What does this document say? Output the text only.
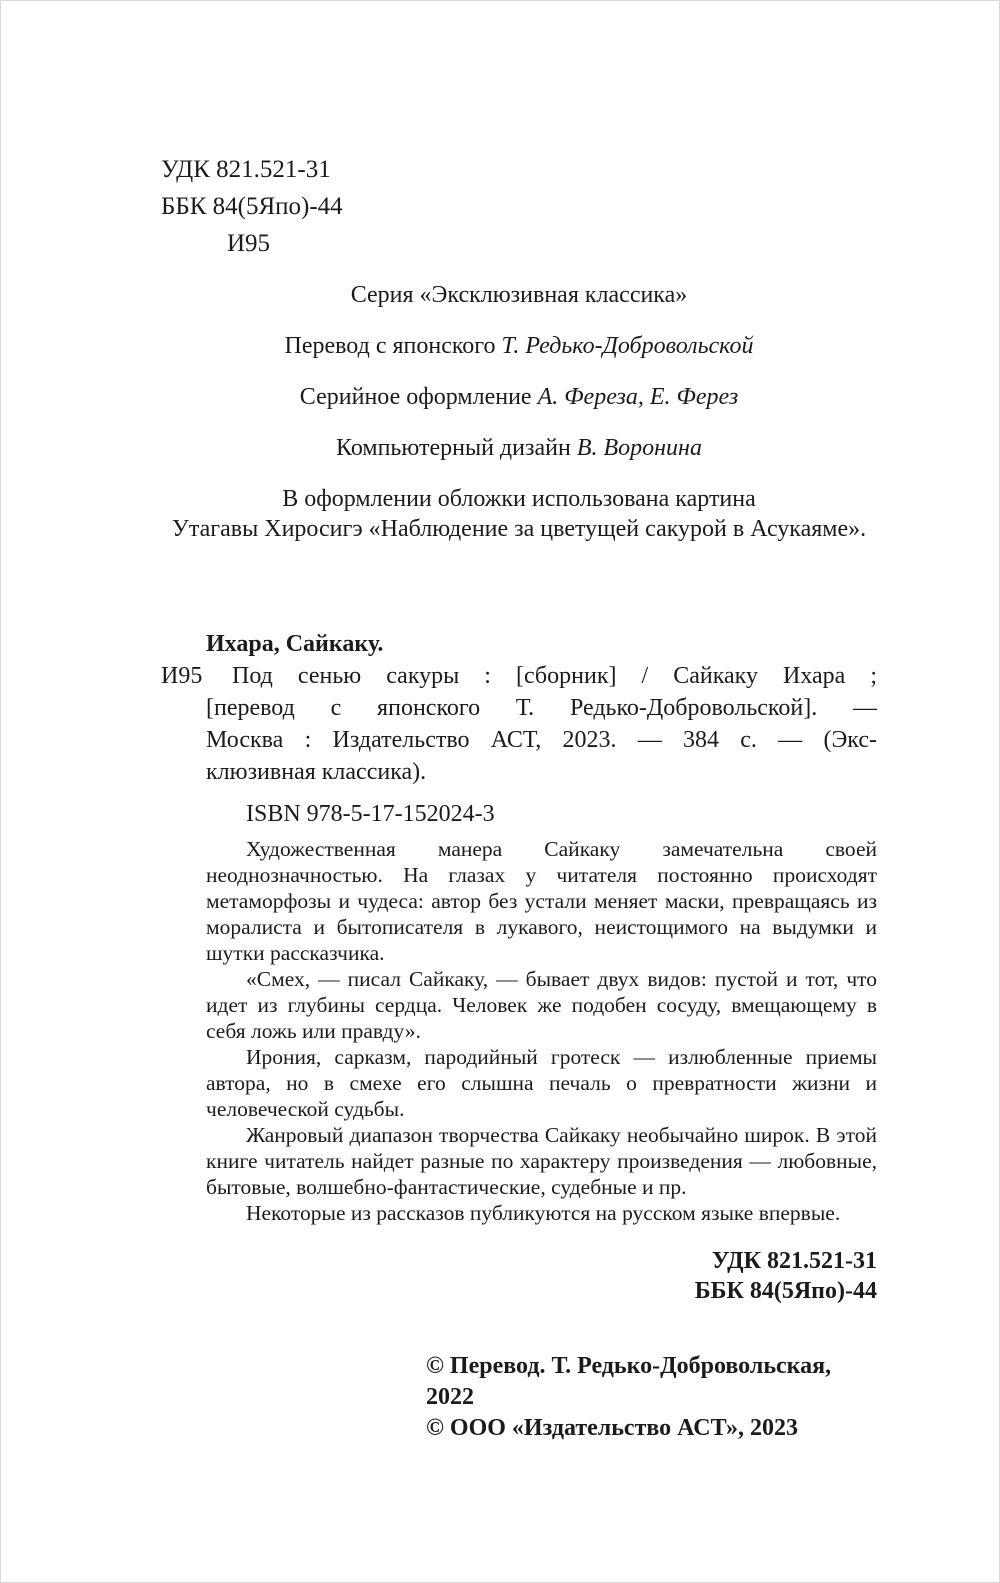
УДК 821.521-31
ББК 84(5Япо)-44
И95
Серия «Эксклюзивная классика»
Перевод с японского Т. Редько-Добровольской
Серийное оформление А. Фереза, Е. Ферез
Компьютерный дизайн В. Воронина
В оформлении обложки использована картина
Утагавы Хиросигэ «Наблюдение за цветущей сакурой в Асукаяме».
Ихара, Сайкаку.
И95	Под сенью сакуры : [сборник] / Сайкаку Ихара ;
[перевод с японского Т. Редько-Добровольской]. —
Москва : Издательство АСТ, 2023. — 384 с. — (Экс-
клюзивная классика).
ISBN 978-5-17-152024-3

Художественная манера Сайкаку замечательна своей неоднозначностью. На глазах у читателя постоянно происходят метаморфозы и чудеса: автор без устали меняет маски, превращаясь из моралиста и бытописателя в лукавого, неистощимого на выдумки и шутки рассказчика.

«Смех, — писал Сайкаку, — бывает двух видов: пустой и тот, что идет из глубины сердца. Человек же подобен сосуду, вмещающему в себя ложь или правду».

Ирония, сарказм, пародийный гротеск — излюбленные приемы автора, но в смехе его слышна печаль о превратности жизни и человеческой судьбы.

Жанровый диапазон творчества Сайкаку необычайно широк. В этой книге читатель найдет разные по характеру произведения — любовные, бытовые, волшебно-фантастические, судебные и пр.

Некоторые из рассказов публикуются на русском языке впервые.

УДК 821.521-31
ББК 84(5Япо)-44
© Перевод. Т. Редько-Добровольская, 2022
© ООО «Издательство АСТ», 2023
